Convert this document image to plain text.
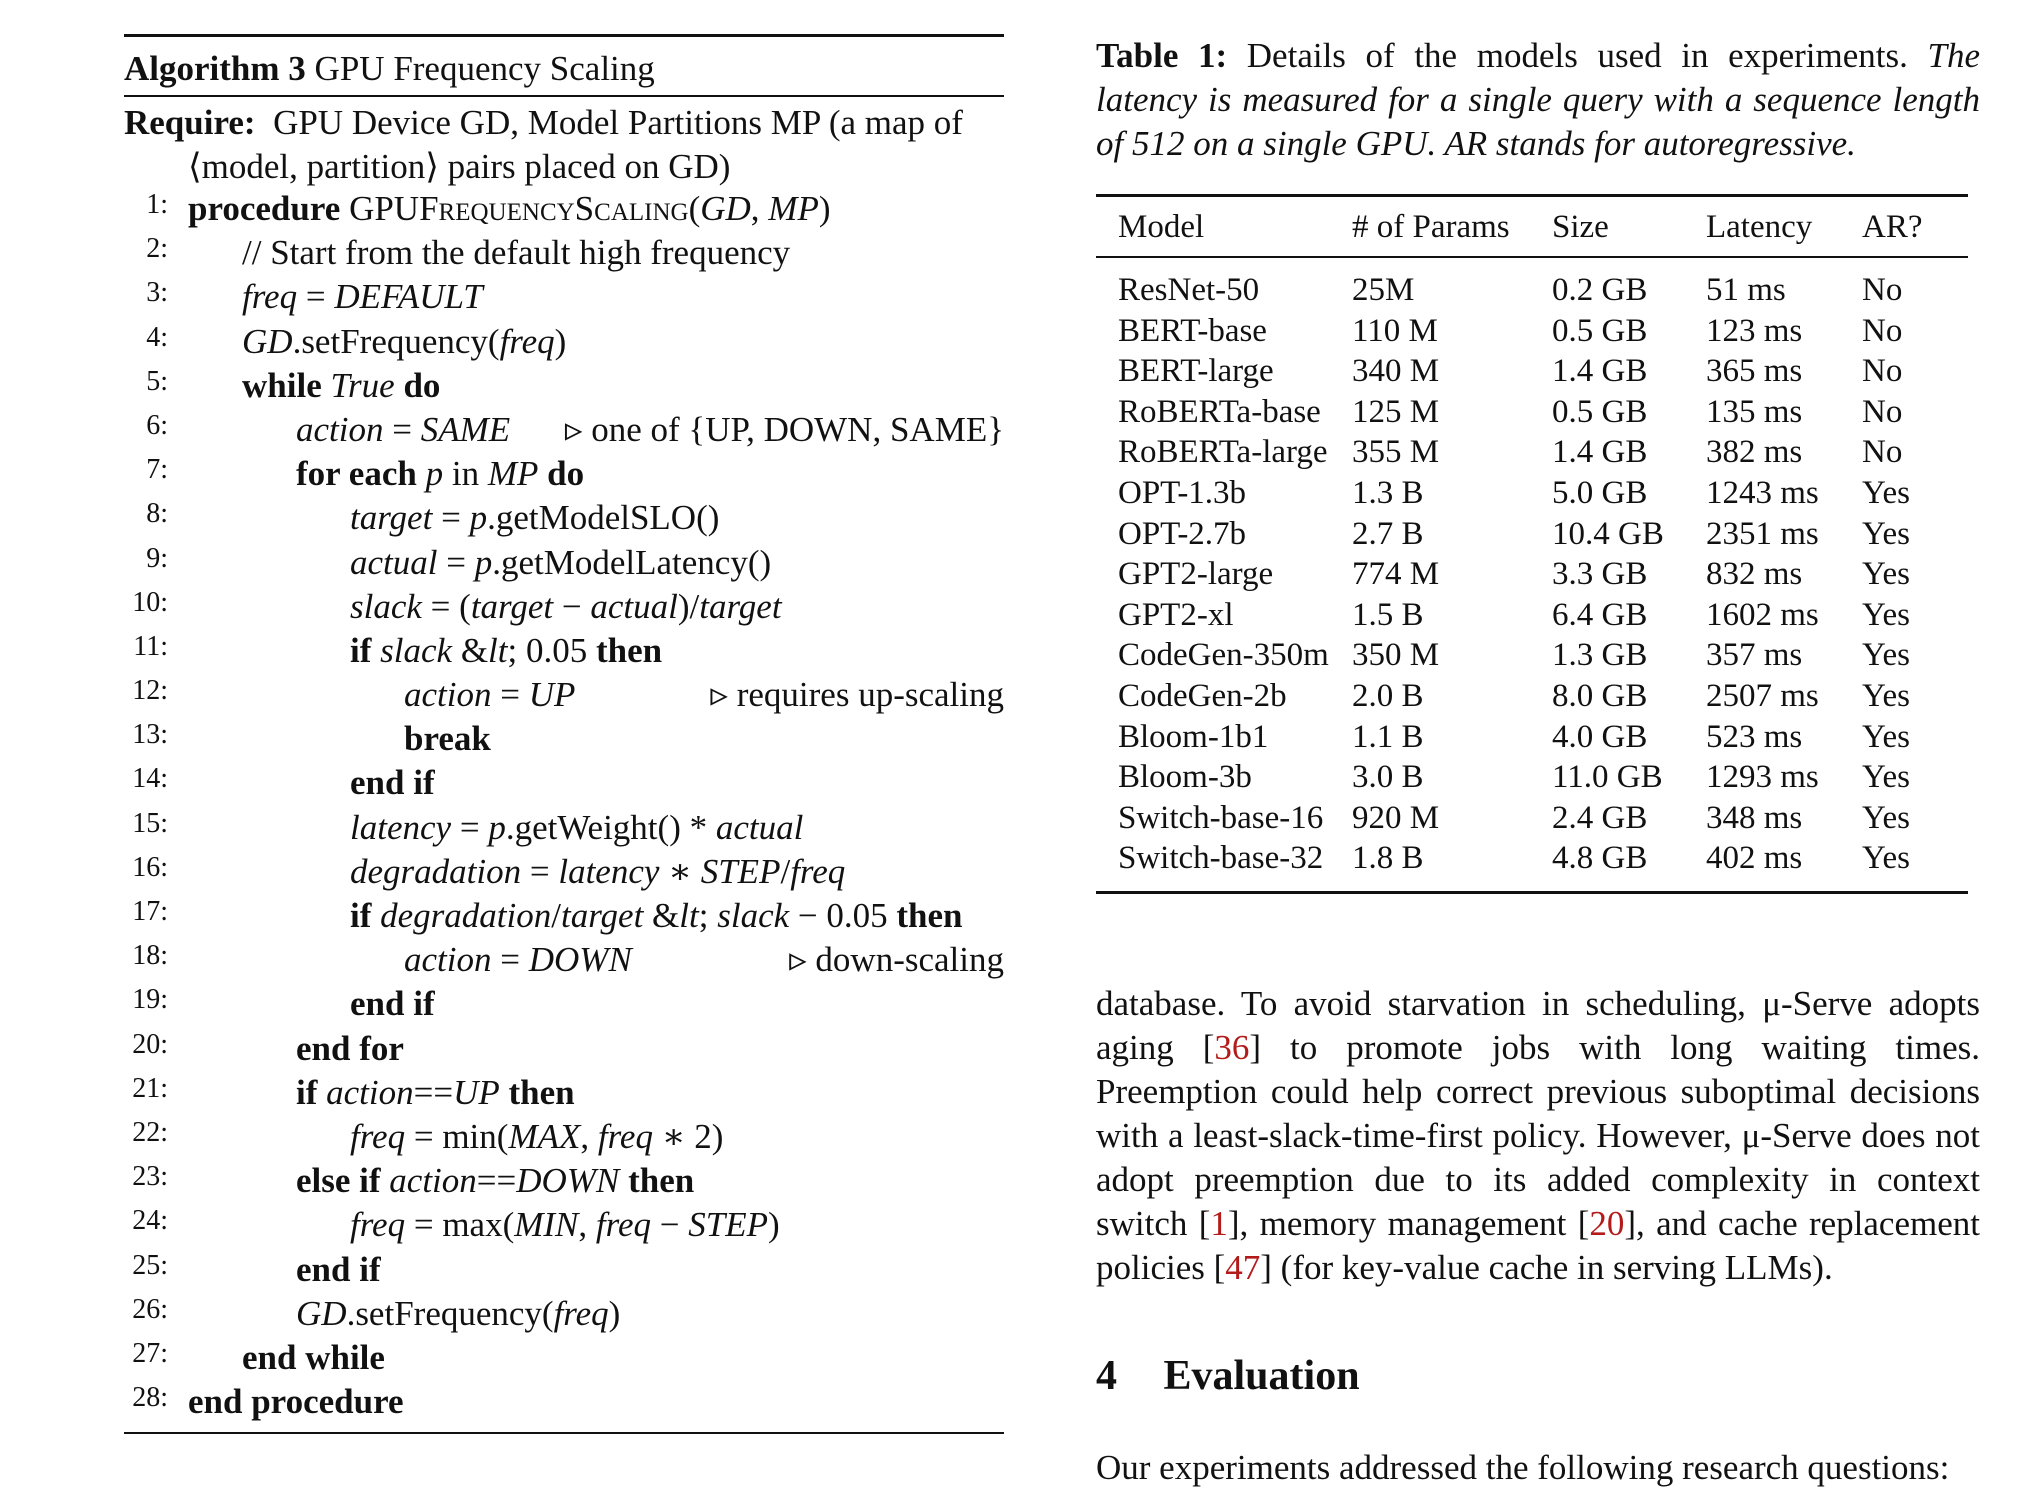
Algorithm 3 GPU Frequency Scaling
Require: GPU Device GD, Model Partitions MP (a map of ⟨model, partition⟩ pairs placed on GD)
1: procedure GPUFrequencyScaling(GD, MP)
2: // Start from the default high frequency
3: freq = DEFAULT
4: GD.setFrequency(freq)
5: while True do
6:	action = SAME ▹ one of {UP, DOWN, SAME}
7:	for each p in MP do
8:	target = p.getModelSLO()
9:	actual = p.getModelLatency()
10:	slack = (target − actual)/target
11:	if slack &lt; 0.05 then
12:	action = UP	▹ requires up-scaling
13:	break
14:	end if
15:	latency = p.getWeight() * actual
16:	degradation = latency ∗ STEP/freq
17:	if degradation/target &lt; slack − 0.05 then
18:	action = DOWN	▹ down-scaling
19:	end if
20:	end for
21:	if action==UP then
22:	freq = min(MAX, freq ∗ 2)
23:	else if action==DOWN then
24:	freq = max(MIN, freq − STEP)
25:	end if
26:	GD.setFrequency(freq)
27: end while
28: end procedure
Table 1: Details of the models used in experiments. The latency is measured for a single query with a sequence length of 512 on a single GPU. AR stands for autoregressive.
Model	# of Params	Size	Latency	AR?
ResNet-50	25M	0.2 GB	51 ms	No
BERT-base	110 M	0.5 GB	123 ms	No
BERT-large	340 M	1.4 GB	365 ms	No
RoBERTa-base	125 M	0.5 GB	135 ms	No
RoBERTa-large	355 M	1.4 GB	382 ms	No
OPT-1.3b	1.3 B	5.0 GB	1243 ms	Yes
OPT-2.7b	2.7 B	10.4 GB	2351 ms	Yes
GPT2-large	774 M	3.3 GB	832 ms	Yes
GPT2-xl	1.5 B	6.4 GB	1602 ms	Yes
CodeGen-350m	350 M	1.3 GB	357 ms	Yes
CodeGen-2b	2.0 B	8.0 GB	2507 ms	Yes
Bloom-1b1	1.1 B	4.0 GB	523 ms	Yes
Bloom-3b	3.0 B	11.0 GB	1293 ms	Yes
Switch-base-16	920 M	2.4 GB	348 ms	Yes
Switch-base-32	1.8 B	4.8 GB	402 ms	Yes
database. To avoid starvation in scheduling, μ-Serve adopts aging [36] to promote jobs with long waiting times. Preemption could help correct previous suboptimal decisions with a least-slack-time-first policy. However, μ-Serve does not adopt preemption due to its added complexity in context switch [1], memory management [20], and cache replacement policies [47] (for key-value cache in serving LLMs).
4 Evaluation
Our experiments addressed the following research questions:
